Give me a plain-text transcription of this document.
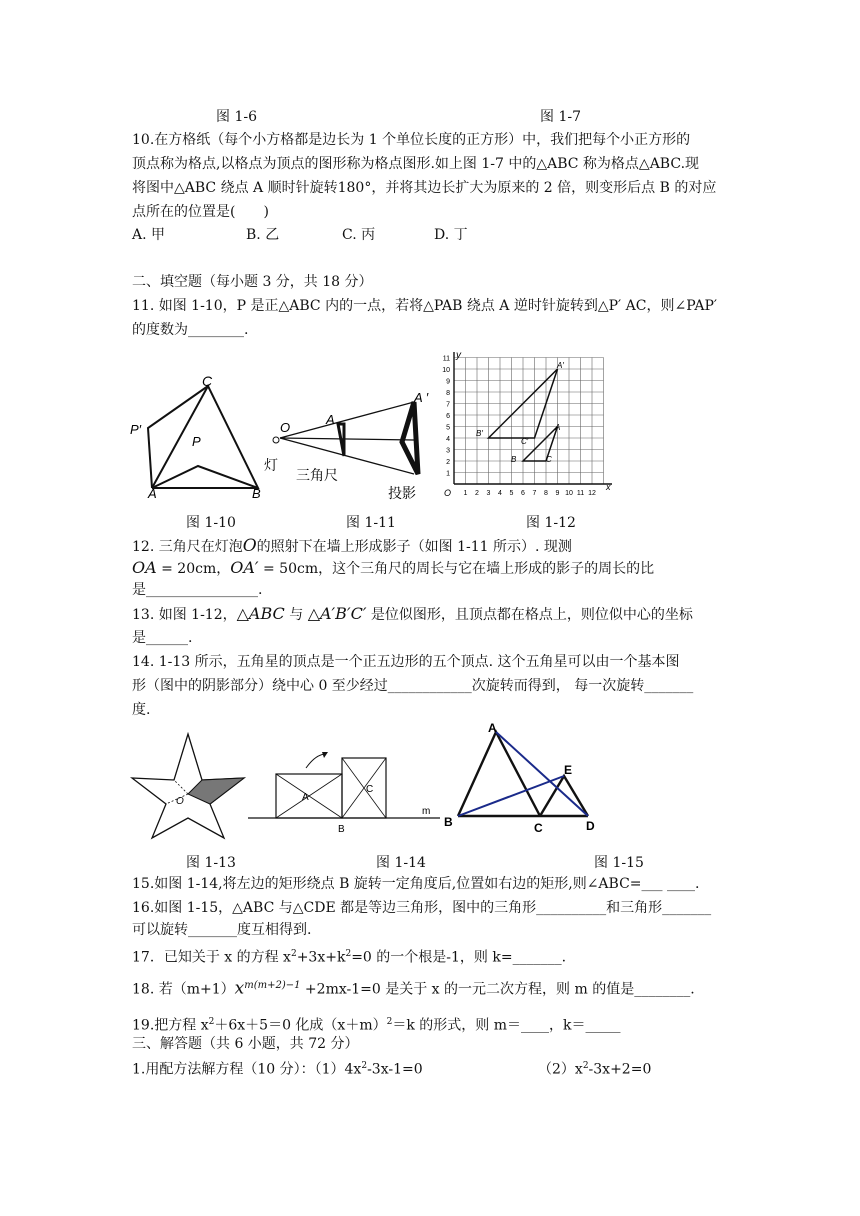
图 1-6	图 1-7
10.在方格纸（每个小方格都是边长为 1 个单位长度的正方形）中，我们把每个小正方形的
顶点称为格点,以格点为顶点的图形称为格点图形.如上图 1-7 中的△ABC 称为格点△ABC.现
将图中△ABC 绕点 A 顺时针旋转180°，并将其边长扩大为原来的 2 倍，则变形后点 B 的对应
点所在的位置是(　　)
A. 甲	B. 乙	C. 丙	D. 丁
二、填空题（每小题 3 分，共 18 分）
11. 如图 1-10，P 是正△ABC 内的一点，若将△PAB 绕点 A 逆时针旋转到△P′ AC，则∠PAP′
的度数为________.
C
P′
P
A	B
O
A
A ′
灯
三角尺
投影
y
x
O
1
2
3
4
5
6
7
8
9
10
11
1 2 3 4 5 6 7 8 9 10 11 12
A′
B′
C′
A
B	C
图 1-10	图 1-11	图 1-12
12. 三角尺在灯泡O的照射下在墙上形成影子（如图 1-11 所示）. 现测
OA = 20cm，OA′ = 50cm，这个三角尺的周长与它在墙上形成的影子的周长的比
是________________.
13. 如图 1-12，△ABC 与 △A′B′C′ 是位似图形，且顶点都在格点上，则位似中心的坐标
是______.
14. 1-13 所示，五角星的顶点是一个正五边形的五个顶点. 这个五角星可以由一个基本图
形（图中的阴影部分）绕中心 0 至少经过____________次旋转而得到， 每一次旋转_______
度.
O	A
C
B
m
A
E
B	C	D
图 1-13	图 1-14	图 1-15
15.如图 1-14,将左边的矩形绕点 B 旋转一定角度后,位置如右边的矩形,则∠ABC=___ ____.
16.如图 1-15，△ABC 与△CDE 都是等边三角形，图中的三角形__________和三角形_______
可以旋转_______度互相得到.
17．已知关于 x 的方程 $x^2+3x+k^2=0$ 的一个根是-1，则 k=_______.
18. 若$(m+1)x^{m(m+2)-1} +2mx-1=0$ 是关于 x 的一元二次方程，则 m 的值是________.
19.把方程 $x^2+6x+5=0$ 化成$(x+m)^2=k$ 的形式，则 m＝____，k＝_____
三、解答题（共 6 小题，共 72 分）
1.用配方法解方程（10 分）：$(1)4x^2-3x-1=0$	$(2)x^2-3x+2=0$
